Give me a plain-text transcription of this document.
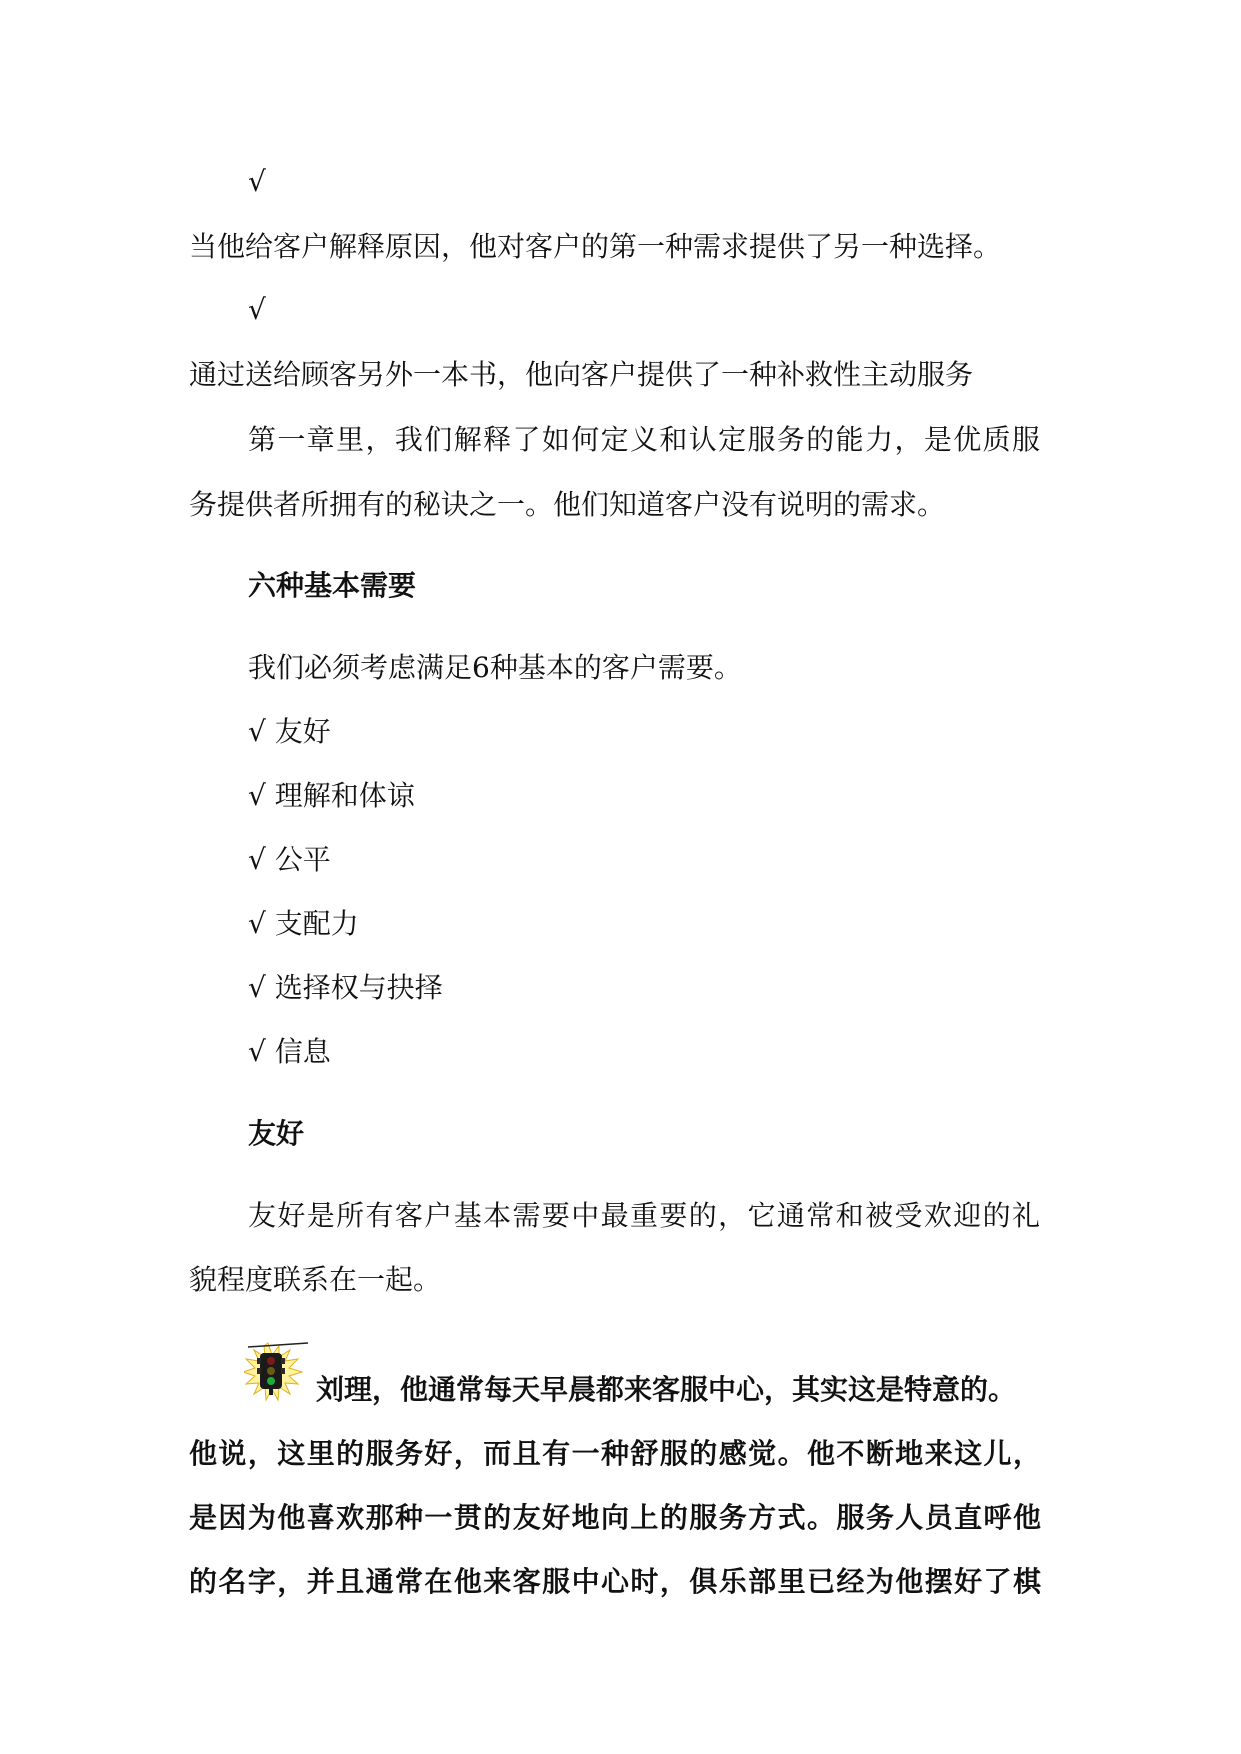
√
当他给客户解释原因，他对客户的第一种需求提供了另一种选择。
√
通过送给顾客另外一本书，他向客户提供了一种补救性主动服务
第一章里，我们解释了如何定义和认定服务的能力，是优质服
务提供者所拥有的秘诀之一。他们知道客户没有说明的需求。
六种基本需要
我们必须考虑满足6种基本的客户需要。
√ 友好
√ 理解和体谅
√ 公平
√ 支配力
√ 选择权与抉择
√ 信息
友好
友好是所有客户基本需要中最重要的，它通常和被受欢迎的礼
貌程度联系在一起。
刘理，他通常每天早晨都来客服中心，其实这是特意的。
他说，这里的服务好，而且有一种舒服的感觉。他不断地来这儿，
是因为他喜欢那种一贯的友好地向上的服务方式。服务人员直呼他
的名字，并且通常在他来客服中心时，俱乐部里已经为他摆好了棋
